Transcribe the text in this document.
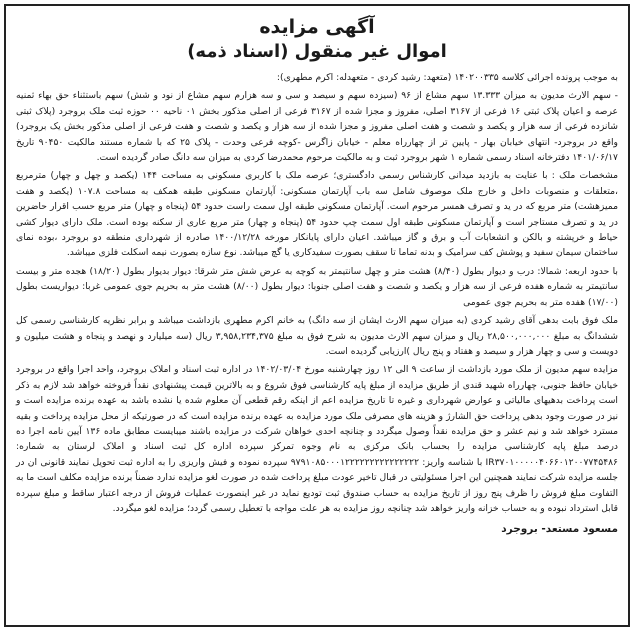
آگهی مزایده
اموال غیر منقول (اسناد ذمه)

به موجب پرونده اجرائی کلاسه ۱۴۰۲۰۰۳۳۵ (متعهد: رشید کردی - متعهدله: اکرم مطهری):

- سهم الارث مدیون به میزان ۱۳.۳۳۳ سهم مشاع از ۹۶ (سیزده سهم و سیصد و سی و سه هزارم سهم مشاع از نود و شش) سهم باستثناء حق بهاء ثمنیه عرصه و اعیان پلاک ثبتی ۱۶ فرعی از ۳۱۶۷ اصلی، مفروز و مجزا شده از ۳۱۶۷ فرعی از اصلی مذکور بخش ۰۱ ناحیه ۰۰ حوزه ثبت ملک بروجرد (پلاک ثبتی شانزده فرعی از سه هزار و یکصد و شصت و هفت اصلی مفروز و مجزا شده از سه هزار و یکصد و شصت و هفت فرعی از اصلی مذکور بخش یک بروجرد) واقع در بروجرد- انتهای خیابان بهار - پایین تر از چهارراه معلم - خیابان زاگرس -کوچه فرعی وحدت - پلاک ۲۵ که با شماره مستند مالکیت ۹۰۴۵۰ تاریخ ۱۴۰۱/۰۶/۱۷ دفترخانه اسناد رسمی شماره ۱ شهر بروجرد ثبت و به مالکیت مرحوم محمدرضا کردی به میزان سه دانگ صادر گردیده است.

مشخصات ملک : با عنایت به بازدید میدانی کارشناس رسمی دادگستری؛ عرصه ملک با کاربری مسکونی به مساحت ۱۴۴ (یکصد و چهل و چهار) مترمربع ،متعلقات و منصوبات داخل و خارج ملک موصوف شامل سه باب آپارتمان مسکونی: آپارتمان مسکونی طبقه همکف به مساحت ۱۰۷.۸ (یکصد و هفت ممیزهشت) متر مربع که در ید و تصرف همسر مرحوم است. آپارتمان مسکونی طبقه اول سمت راست حدود ۵۴ (پنجاه و چهار) متر مربع حسب اقرار حاضرین در ید و تصرف مستاجر است و آپارتمان مسکونی طبقه اول سمت چپ حدود ۵۴ (پنجاه و چهار) متر مربع عاری از سکنه بوده است. ملک دارای دیوار کشی حیاط و خرپشته و بالکن و انشعابات آب و برق و گاز میباشد. اعیان دارای پایانکار مورخه ۱۴۰۰/۱۲/۲۸ صادره از شهرداری منطقه دو بروجرد ،بوده نمای ساختمان سیمان سفید و پوشش کف سرامیک و بدنه تماما تا سقف بصورت سفیدکاری یا گچ میباشد. نوع سازه بصورت نیمه اسکلت فلزی میباشد.

با حدود اربعه: شمالا: درب و دیوار بطول (۸/۴۰) هشت متر و چهل سانتیمتر به کوچه به عرض شش متر شرقا: دیوار بدیوار بطول (۱۸/۲۰) هجده متر و بیست سانتیمتر به شماره هفده فرعی از سه هزار و یکصد و شصت و هفت اصلی جنوبا: دیوار بطول (۸/۰۰) هشت متر به بحریم جوی عمومی غربا: دیواریست بطول (۱۷/۰۰) هفده متر به بحریم جوی عمومی

ملک فوق بابت بدهی آقای رشید کردی (به میزان سهم الارث ایشان از سه دانگ) به خانم اکرم مطهری بازداشت میباشد و برابر نظریه کارشناسی رسمی کل ششدانگ به مبلغ ۲۸,۵۰۰,۰۰۰,۰۰۰ ریال و میزان سهم الارث مدیون به شرح فوق به مبلغ ۳,۹۵۸,۲۳۴,۳۷۵ ریال (سه میلیارد و نهصد و پنجاه و هشت میلیون و دویست و سی و چهار هزار و سیصد و هفتاد و پنج ریال )ارزیابی گردیده است.

مزایده سهم مدیون از ملک مورد بازداشت از ساعت ۹ الی ۱۲ روز چهارشنبه مورخ ۱۴۰۲/۰۳/۰۴ در اداره ثبت اسناد و املاک بروجرد، واحد اجرا واقع در بروجرد خیابان حافظ جنوبی، چهارراه شهید قندی از طریق مزایده از مبلغ پایه کارشناسی فوق شروع و به بالاترین قیمت پیشنهادی نقداً فروخته خواهد شد لازم به ذکر است پرداخت بدهیهای مالیاتی و عوارض شهرداری و غیره تا تاریخ مزایده اعم از اینکه رقم قطعی آن معلوم شده یا نشده باشد به عهده برنده مزایده است و نیز در صورت وجود بدهی پرداخت حق الشارژ و هزینه های مصرفی ملک مورد مزایده به عهده برنده مزایده است که در صورتیکه از محل مزایده پرداخت و بقیه مسترد خواهد شد و نیم عشر و حق مزایده نقداً وصول میگردد و چنانچه احدی خواهان شرکت در مزایده باشند میبایست مطابق ماده ۱۳۶ آیین نامه اجرا ده درصد مبلغ پایه کارشناسی مزایده را بحساب بانک مرکزی به نام وجوه تمرکز سپرده اداره کل ثبت اسناد و املاک لرستان به شماره: IR۳۷۰۱۰۰۰۰۰۴۰۶۶۰۱۲۰۰۷۷۴۵۴۸۶ با شناسه واریز: ۹۷۹۱۰۸۵۰۰۰۱۲۲۲۲۲۲۲۲۲۲۲۲۲۲۲ سپرده نموده و فیش واریزی را به اداره ثبت تحویل نمایند قانونی ان در جلسه مزایده شرکت نمایند همچنین این اجرا مسئولیتی در قبال تاخیر عودت مبلغ پرداخت شده در صورت لغو مزایده ندارد ضمناً برنده مزایده مکلف است ما به التفاوت مبلغ فروش را ظرف پنج روز از تاریخ مزایده به حساب صندوق ثبت تودیع نماید در غیر اینصورت عملیات فروش از درجه اعتبار ساقط و مبلغ سپرده قابل استرداد نبوده و به حساب خزانه واریز خواهد شد چنانچه روز مزایده به هر علت مواجه با تعطیل رسمی گردد؛ مزایده لغو میگردد.

مسعود مستعد- بروجرد
